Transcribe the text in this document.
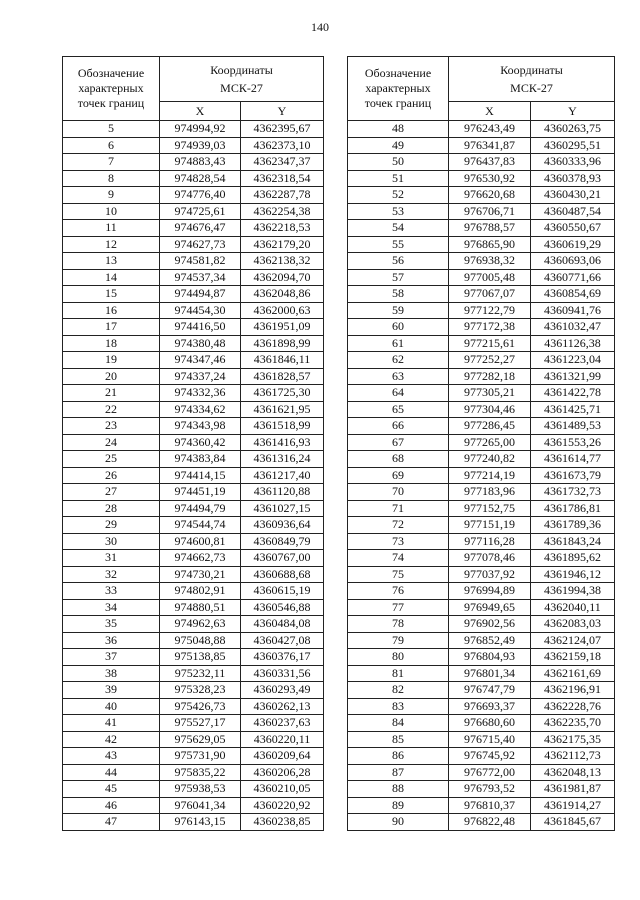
140
Обозначение
характерных
точек границ	Координаты
МСК-27	
	X	Y
5	974994,92	4362395,67
6	974939,03	4362373,10
7	974883,43	4362347,37
8	974828,54	4362318,54
9	974776,40	4362287,78
10	974725,61	4362254,38
11	974676,47	4362218,53
12	974627,73	4362179,20
13	974581,82	4362138,32
14	974537,34	4362094,70
15	974494,87	4362048,86
16	974454,30	4362000,63
17	974416,50	4361951,09
18	974380,48	4361898,99
19	974347,46	4361846,11
20	974337,24	4361828,57
21	974332,36	4361725,30
22	974334,62	4361621,95
23	974343,98	4361518,99
24	974360,42	4361416,93
25	974383,84	4361316,24
26	974414,15	4361217,40
27	974451,19	4361120,88
28	974494,79	4361027,15
29	974544,74	4360936,64
30	974600,81	4360849,79
31	974662,73	4360767,00
32	974730,21	4360688,68
33	974802,91	4360615,19
34	974880,51	4360546,88
35	974962,63	4360484,08
36	975048,88	4360427,08
37	975138,85	4360376,17
38	975232,11	4360331,56
39	975328,23	4360293,49
40	975426,73	4360262,13
41	975527,17	4360237,63
42	975629,05	4360220,11
43	975731,90	4360209,64
44	975835,22	4360206,28
45	975938,53	4360210,05
46	976041,34	4360220,92
47	976143,15	4360238,85
Обозначение
характерных
точек границ	Координаты
МСК-27	
	X	Y
48	976243,49	4360263,75
49	976341,87	4360295,51
50	976437,83	4360333,96
51	976530,92	4360378,93
52	976620,68	4360430,21
53	976706,71	4360487,54
54	976788,57	4360550,67
55	976865,90	4360619,29
56	976938,32	4360693,06
57	977005,48	4360771,66
58	977067,07	4360854,69
59	977122,79	4360941,76
60	977172,38	4361032,47
61	977215,61	4361126,38
62	977252,27	4361223,04
63	977282,18	4361321,99
64	977305,21	4361422,78
65	977304,46	4361425,71
66	977286,45	4361489,53
67	977265,00	4361553,26
68	977240,82	4361614,77
69	977214,19	4361673,79
70	977183,96	4361732,73
71	977152,75	4361786,81
72	977151,19	4361789,36
73	977116,28	4361843,24
74	977078,46	4361895,62
75	977037,92	4361946,12
76	976994,89	4361994,38
77	976949,65	4362040,11
78	976902,56	4362083,03
79	976852,49	4362124,07
80	976804,93	4362159,18
81	976801,34	4362161,69
82	976747,79	4362196,91
83	976693,37	4362228,76
84	976680,60	4362235,70
85	976715,40	4362175,35
86	976745,92	4362112,73
87	976772,00	4362048,13
88	976793,52	4361981,87
89	976810,37	4361914,27
90	976822,48	4361845,67
